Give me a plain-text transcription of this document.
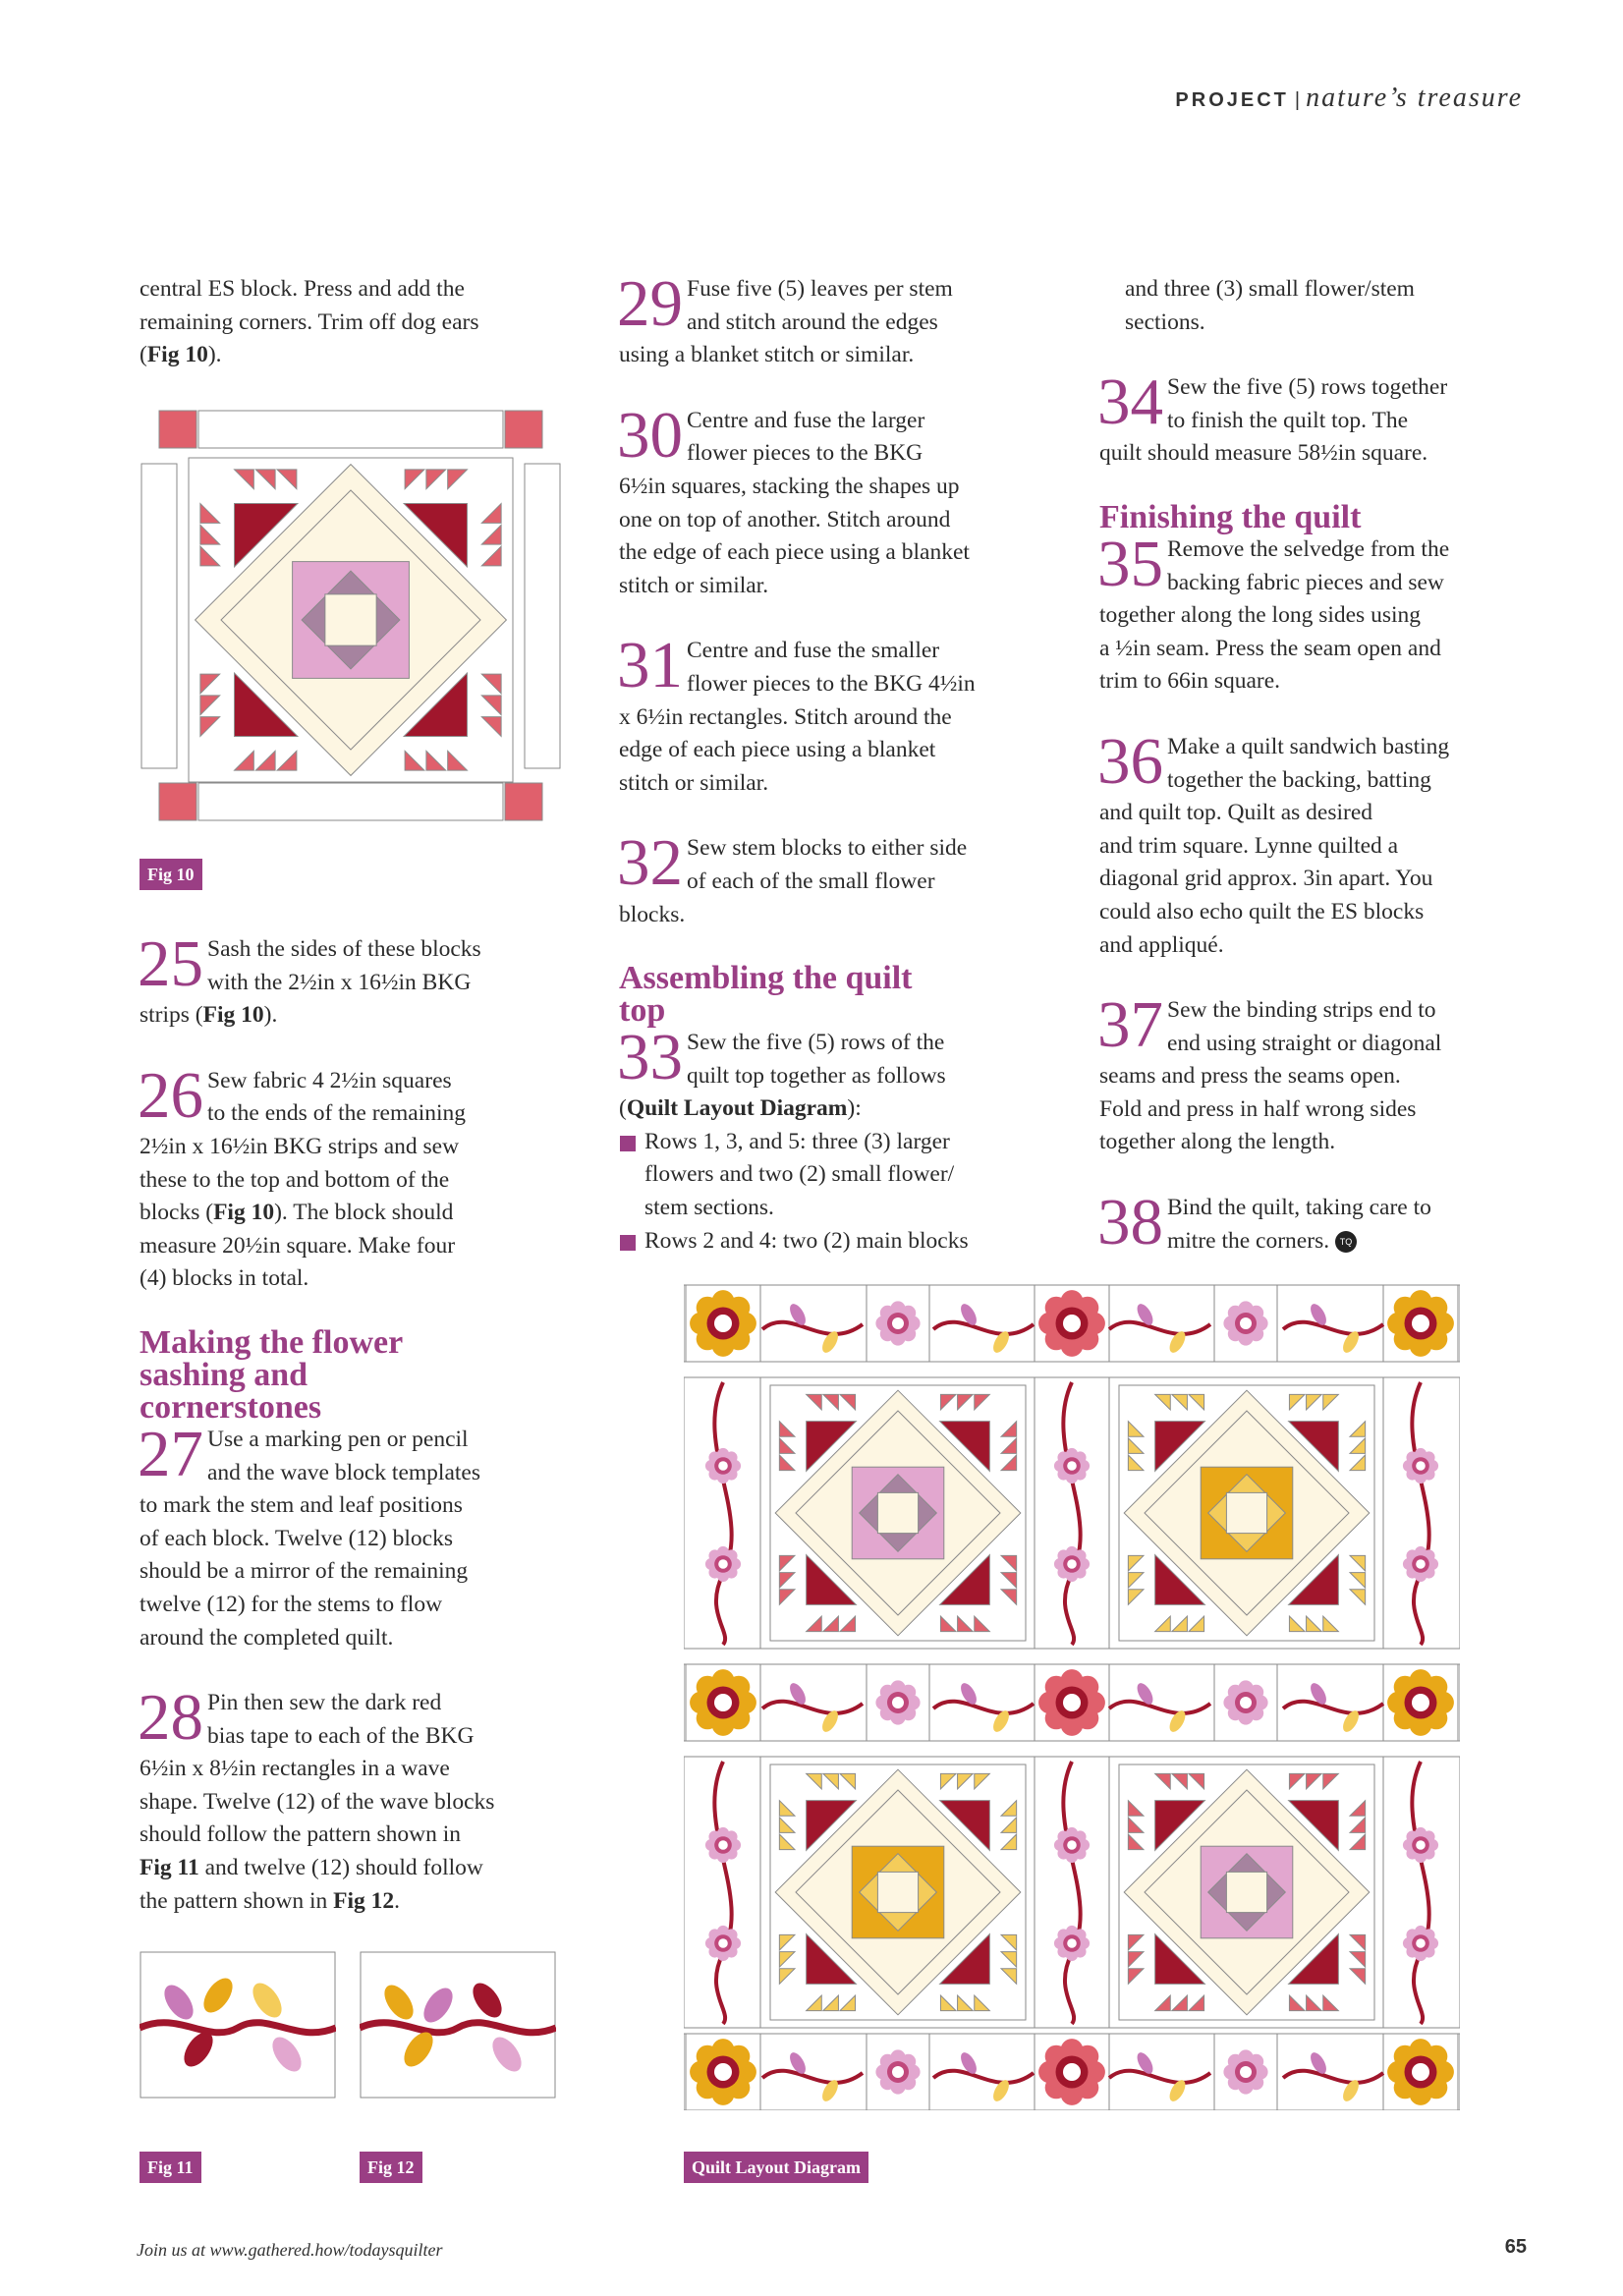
PROJECT | nature’s treasure

central ES block. Press and add the

remaining corners. Trim off dog ears

(Fig 10).

Fig 10
25 Sash the sides of these blocks

with the 2½in x 16½in BKG

strips (Fig 10).

26 Sew fabric 4 2½in squares

to the ends of the remaining

2½in x 16½in BKG strips and sew

these to the top and bottom of the

blocks (Fig 10). The block should

measure 20½in square. Make four

(4) blocks in total.

Making the flower

sashing and

cornerstones

27 Use a marking pen or pencil

and the wave block templates

to mark the stem and leaf positions

of each block. Twelve (12) blocks

should be a mirror of the remaining

twelve (12) for the stems to flow

around the completed quilt.

28 Pin then sew the dark red

bias tape to each of the BKG

6½in x 8½in rectangles in a wave

shape. Twelve (12) of the wave blocks

should follow the pattern shown in

Fig 11 and twelve (12) should follow

the pattern shown in Fig 12.

Fig 11	Fig 12
29 Fuse five (5) leaves per stem

and stitch around the edges

using a blanket stitch or similar.

30 Centre and fuse the larger

flower pieces to the BKG

6½in squares, stacking the shapes up

one on top of another. Stitch around

the edge of each piece using a blanket

stitch or similar.

31 Centre and fuse the smaller

flower pieces to the BKG 4½in

x 6½in rectangles. Stitch around the

edge of each piece using a blanket

stitch or similar.

32 Sew stem blocks to either side

of each of the small flower

blocks.

Assembling the quilt

top

33 Sew the five (5) rows of the

quilt top together as follows

(Quilt Layout Diagram):

Rows 1, 3, and 5: three (3) larger

flowers and two (2) small flower/

stem sections.

Rows 2 and 4: two (2) main blocks

and three (3) small flower/stem

sections.

34 Sew the five (5) rows together

to finish the quilt top. The

quilt should measure 58½in square.

Finishing the quilt

35 Remove the selvedge from the

backing fabric pieces and sew

together along the long sides using

a ½in seam. Press the seam open and

trim to 66in square.

36 Make a quilt sandwich basting

together the backing, batting

and quilt top. Quilt as desired

and trim square. Lynne quilted a

diagonal grid approx. 3in apart. You

could also echo quilt the ES blocks

and appliqué.

37 Sew the binding strips end to

end using straight or diagonal

seams and press the seams open.

Fold and press in half wrong sides

together along the length.

38 Bind the quilt, taking care to

mitre the corners. TQ

Quilt Layout Diagram
Join us at www.gathered.how/todaysquilter	65
